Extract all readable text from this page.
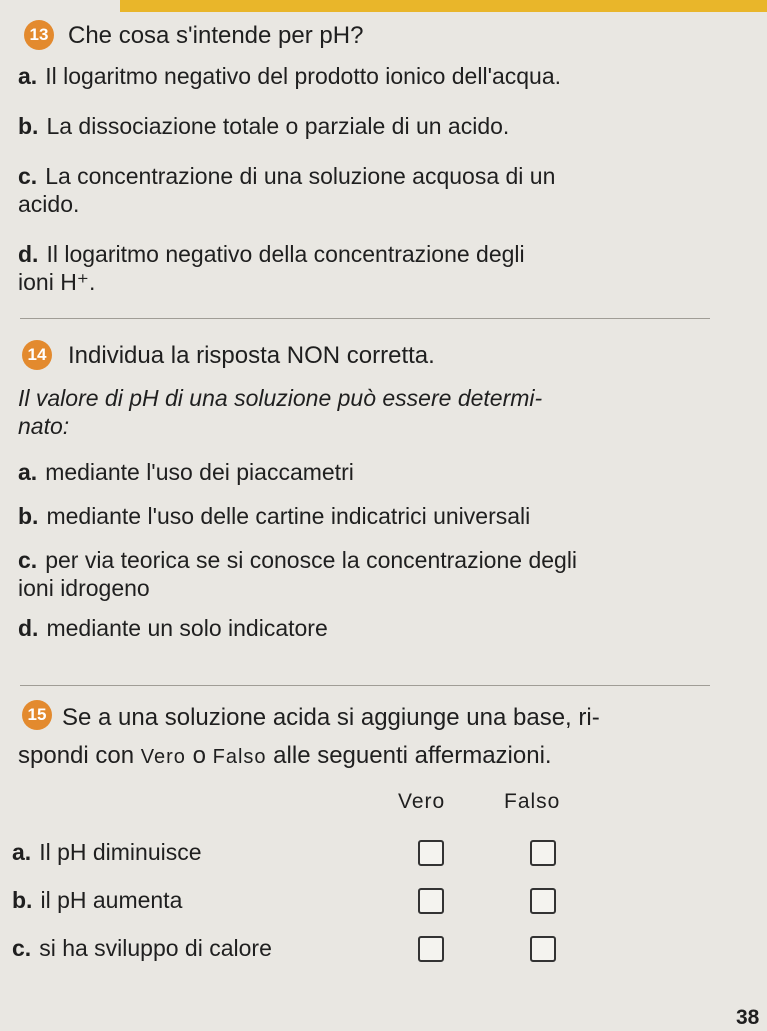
13 Che cosa s'intende per pH?
a. Il logaritmo negativo del prodotto ionico dell'acqua.
b. La dissociazione totale o parziale di un acido.
c. La concentrazione di una soluzione acquosa di un
acido.
d. Il logaritmo negativo della concentrazione degli
ioni H⁺.
14 Individua la risposta NON corretta.
Il valore di pH di una soluzione può essere determi-
nato:
a. mediante l'uso dei piaccametri
b. mediante l'uso delle cartine indicatrici universali
c. per via teorica se si conosce la concentrazione degli
ioni idrogeno
d. mediante un solo indicatore
15 Se a una soluzione acida si aggiunge una base, ri-
spondi con Vero o Falso alle seguenti affermazioni.
Vero	Falso
a. Il pH diminuisce
b. il pH aumenta
c. si ha sviluppo di calore
38
